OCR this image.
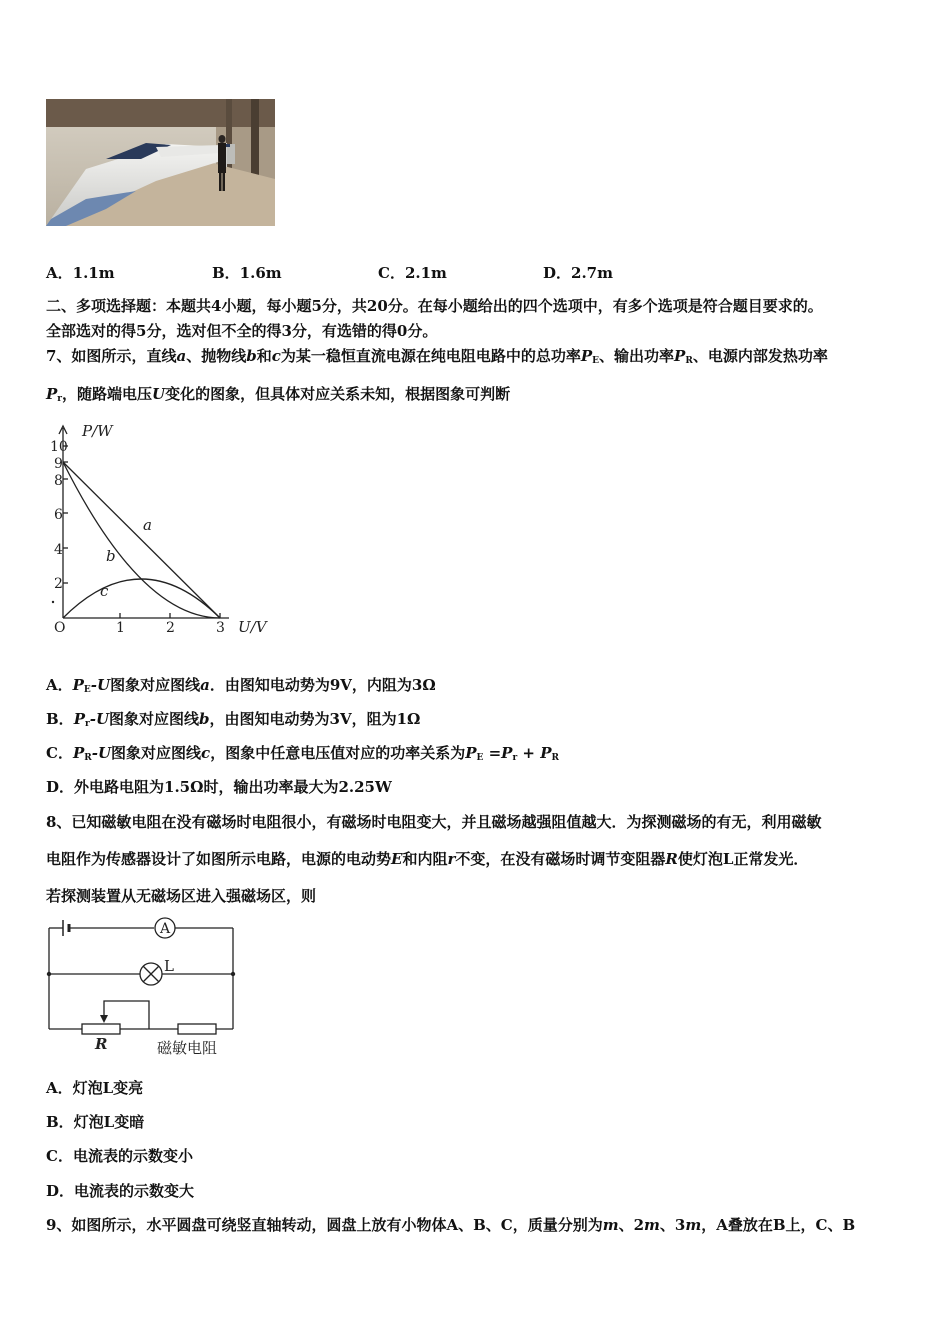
A．1.1m	B．1.6m	C．2.1m	D．2.7m
二、多项选择题：本题共4小题，每小题5分，共20分。在每小题给出的四个选项中，有多个选项是符合题目要求的。
全部选对的得5分，选对但不全的得3分，有选错的得0分。
7、如图所示，直线a、抛物线b和c为某一稳恒直流电源在纯电阻电路中的总功率$P_E$、输出功率$P_R$、电源内部发热功率
$P_r$，随路端电压U变化的图象，但具体对应关系未知，根据图象可判断
P/W
U/V
a
b
c
O
10
9
8
6
4
2
1	2	3
A．$P_E-U$图象对应图线a．由图知电动势为9V，内阻为3Ω
B．$P_r-U$图象对应图线b，由图知电动势为3V，阻为1Ω
C．$P_R-U$图象对应图线c，图象中任意电压值对应的功率关系为$P_E =P_r + P_R$
D．外电路电阻为1.5Ω时，输出功率最大为2.25W
8、已知磁敏电阻在没有磁场时电阻很小，有磁场时电阻变大，并且磁场越强阻值越大．为探测磁场的有无，利用磁敏
电阻作为传感器设计了如图所示电路，电源的电动势E和内阻r不变，在没有磁场时调节变阻器R使灯泡L正常发光．
若探测装置从无磁场区进入强磁场区，则
A
L
R	磁敏电阻
A．灯泡L变亮
B．灯泡L变暗
C．电流表的示数变小
D．电流表的示数变大
9、如图所示，水平圆盘可绕竖直轴转动，圆盘上放有小物体A、B、C，质量分别为m、2m、3m，A叠放在B上，C、B
